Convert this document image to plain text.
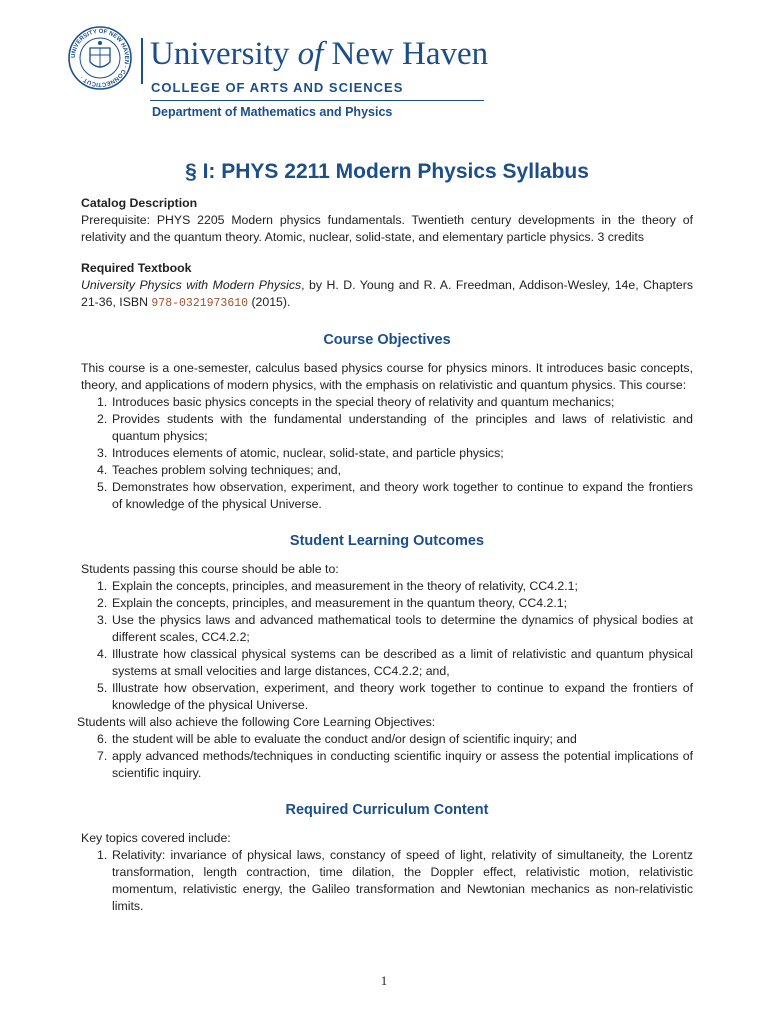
UNIVERSITY OF NEW HAVEN · CONNECTICUT ·
University of New Haven
COLLEGE OF ARTS AND SCIENCES
Department of Mathematics and Physics
§ I: PHYS 2211 Modern Physics Syllabus

Catalog Description

Prerequisite: PHYS 2205 Modern physics fundamentals. Twentieth century developments in the theory of relativity and the quantum theory. Atomic, nuclear, solid-state, and elementary particle physics. 3 credits

Required Textbook

University Physics with Modern Physics, by H. D. Young and R. A. Freedman, Addison-Wesley, 14e, Chapters 21-36, ISBN 978-0321973610 (2015).

Course Objectives

This course is a one-semester, calculus based physics course for physics minors. It introduces basic concepts, theory, and applications of modern physics, with the emphasis on relativistic and quantum physics. This course:

1. Introduces basic physics concepts in the special theory of relativity and quantum mechanics;
2. Provides students with the fundamental understanding of the principles and laws of relativistic and quantum physics;
3. Introduces elements of atomic, nuclear, solid-state, and particle physics;
4. Teaches problem solving techniques; and,
5. Demonstrates how observation, experiment, and theory work together to continue to expand the frontiers of knowledge of the physical Universe.
Student Learning Outcomes

Students passing this course should be able to:

1. Explain the concepts, principles, and measurement in the theory of relativity, CC4.2.1;
2. Explain the concepts, principles, and measurement in the quantum theory, CC4.2.1;
3. Use the physics laws and advanced mathematical tools to determine the dynamics of physical bodies at different scales, CC4.2.2;
4. Illustrate how classical physical systems can be described as a limit of relativistic and quantum physical systems at small velocities and large distances, CC4.2.2; and,
5. Illustrate how observation, experiment, and theory work together to continue to expand the frontiers of knowledge of the physical Universe.

Students will also achieve the following Core Learning Objectives:

6. the student will be able to evaluate the conduct and/or design of scientific inquiry; and
7. apply advanced methods/techniques in conducting scientific inquiry or assess the potential implications of scientific inquiry.
Required Curriculum Content

Key topics covered include:

1. Relativity: invariance of physical laws, constancy of speed of light, relativity of simultaneity, the Lorentz transformation, length contraction, time dilation, the Doppler effect, relativistic motion, relativistic momentum, relativistic energy, the Galileo transformation and Newtonian mechanics as non-relativistic limits.
1
